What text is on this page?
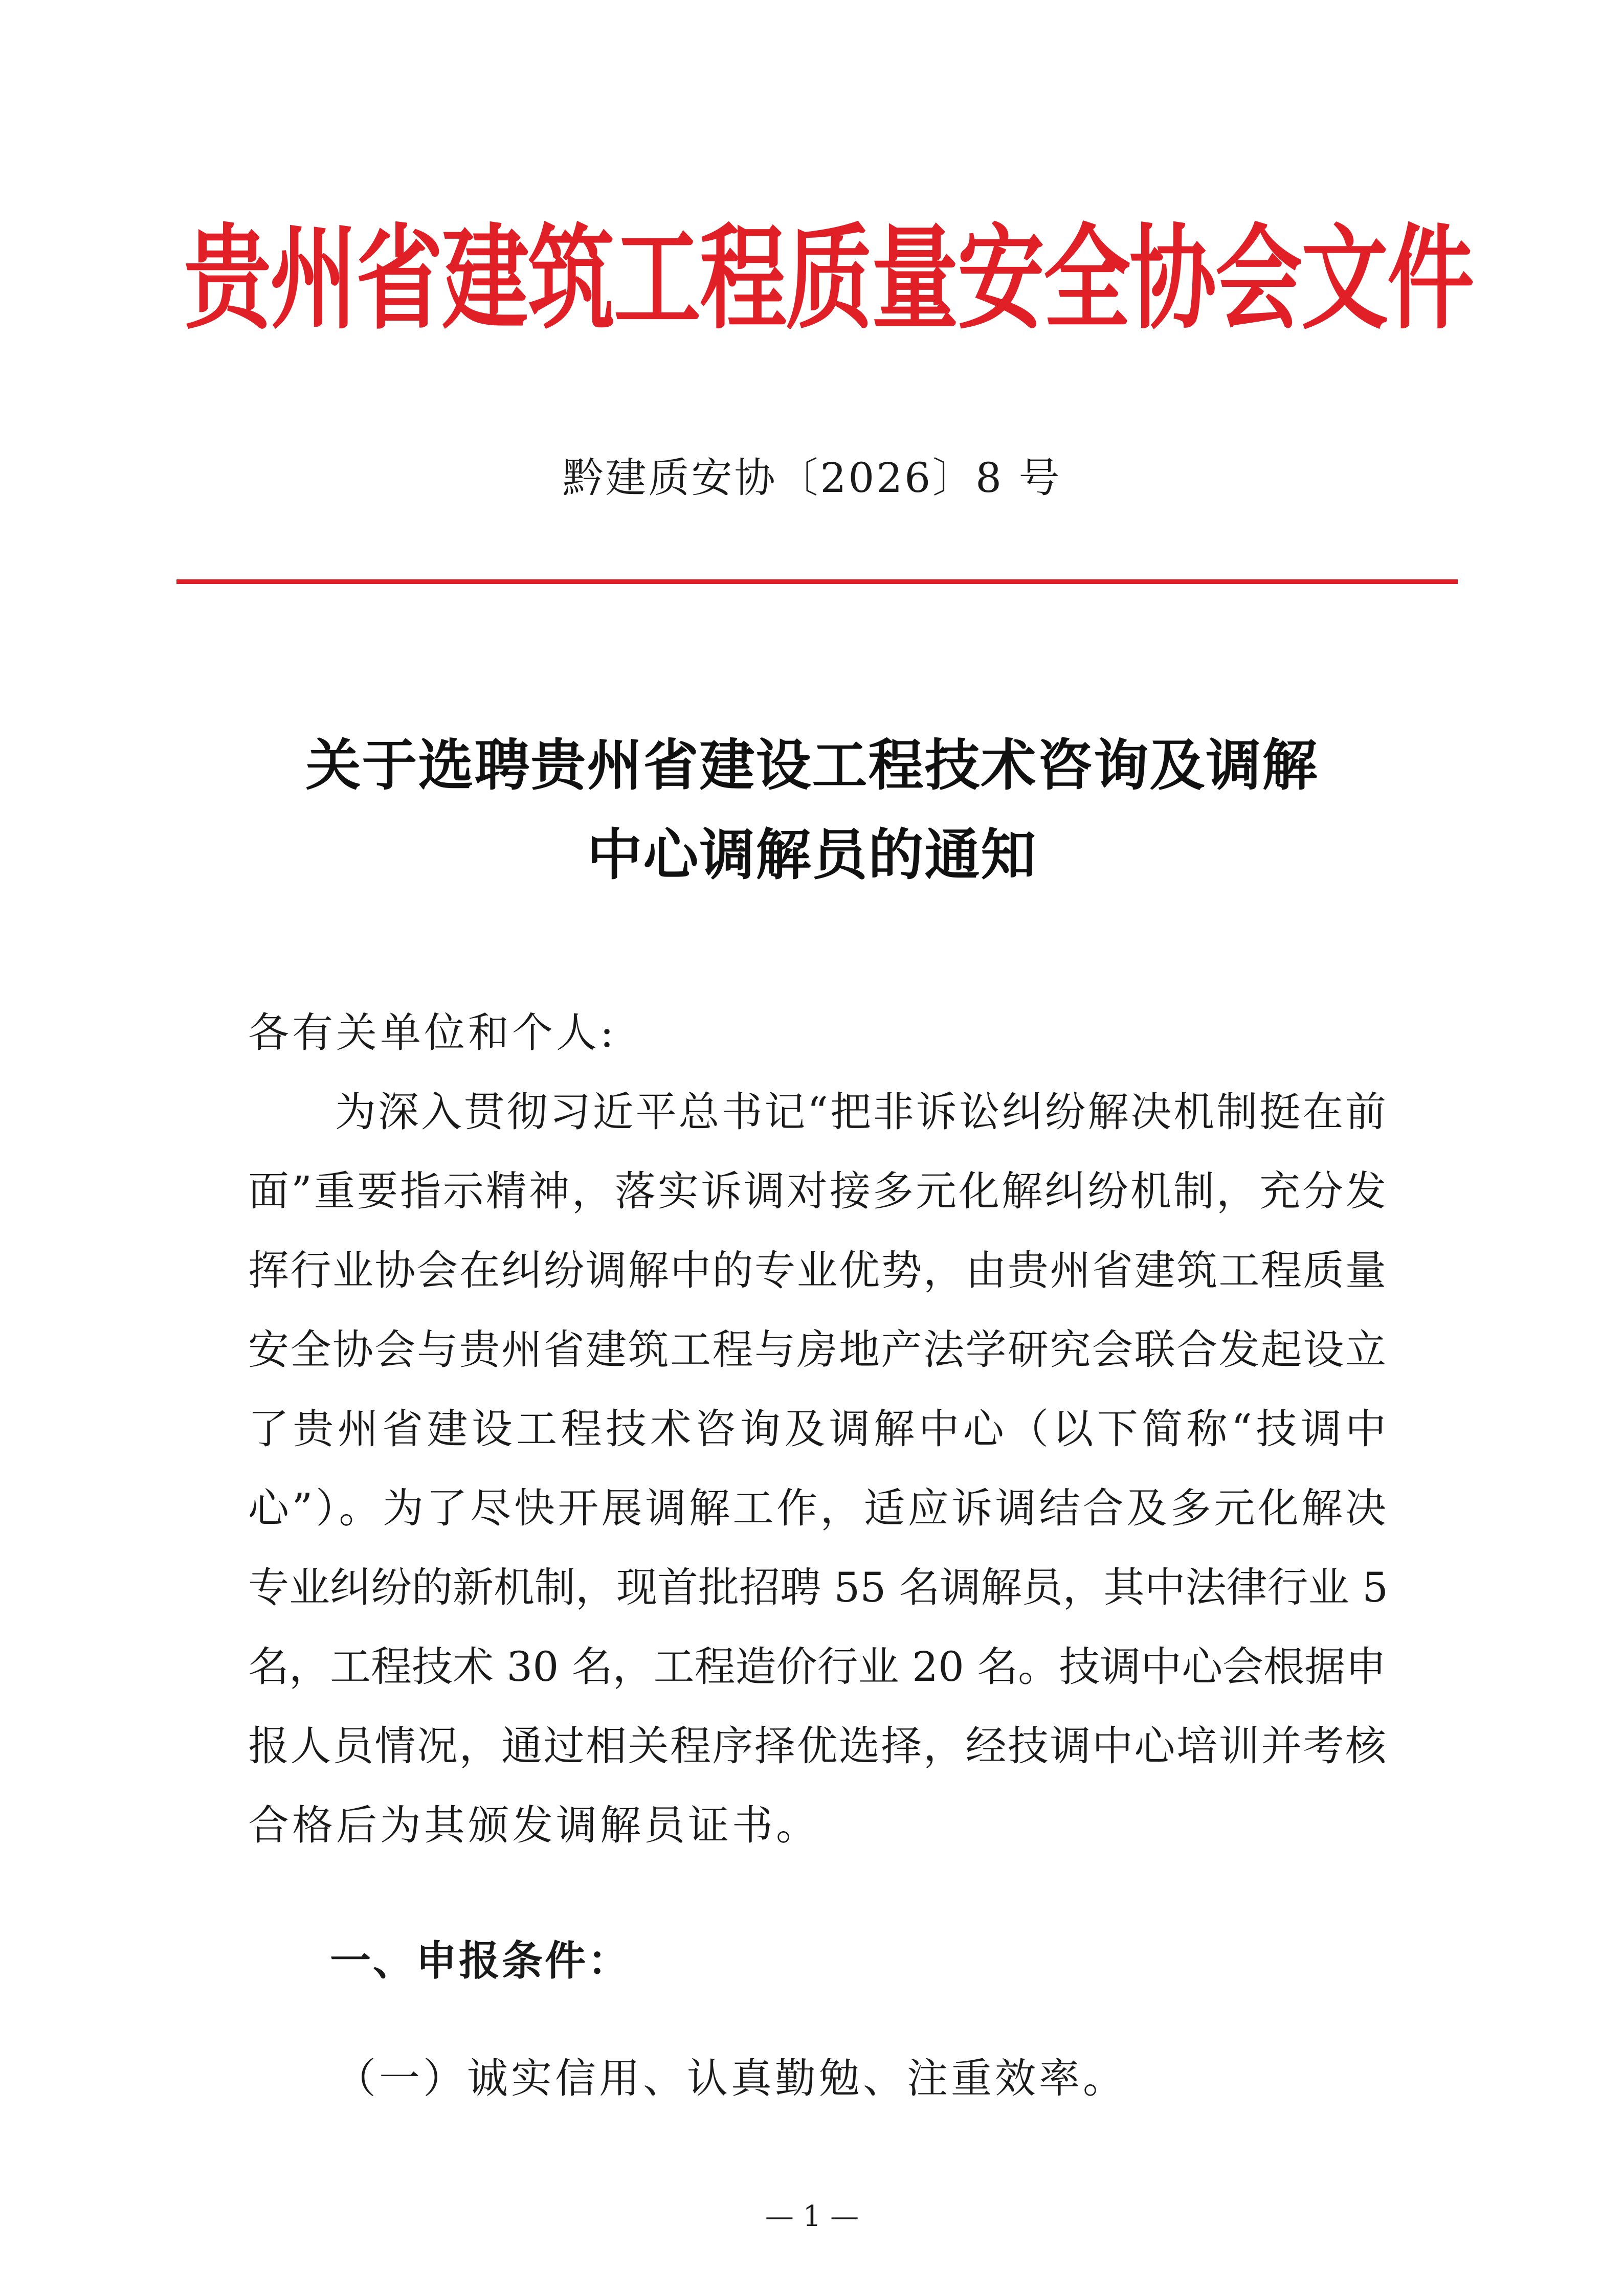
贵州省建筑工程质量安全协会文件
黔建质安协〔2026〕8 号
关于选聘贵州省建设工程技术咨询及调解
中心调解员的通知
各有关单位和个人:
为深入贯彻习近平总书记“把非诉讼纠纷解决机制挺在前
面”重要指示精神，落实诉调对接多元化解纠纷机制，充分发
挥行业协会在纠纷调解中的专业优势，由贵州省建筑工程质量
安全协会与贵州省建筑工程与房地产法学研究会联合发起设立
了贵州省建设工程技术咨询及调解中心（以下简称“技调中
心”）。为了尽快开展调解工作，适应诉调结合及多元化解决
专业纠纷的新机制，现首批招聘 55 名调解员，其中法律行业 5
名，工程技术 30 名，工程造价行业 20 名。技调中心会根据申
报人员情况，通过相关程序择优选择，经技调中心培训并考核
合格后为其颁发调解员证书。
一、申报条件：
（一）诚实信用、认真勤勉、注重效率。
— 1 —
